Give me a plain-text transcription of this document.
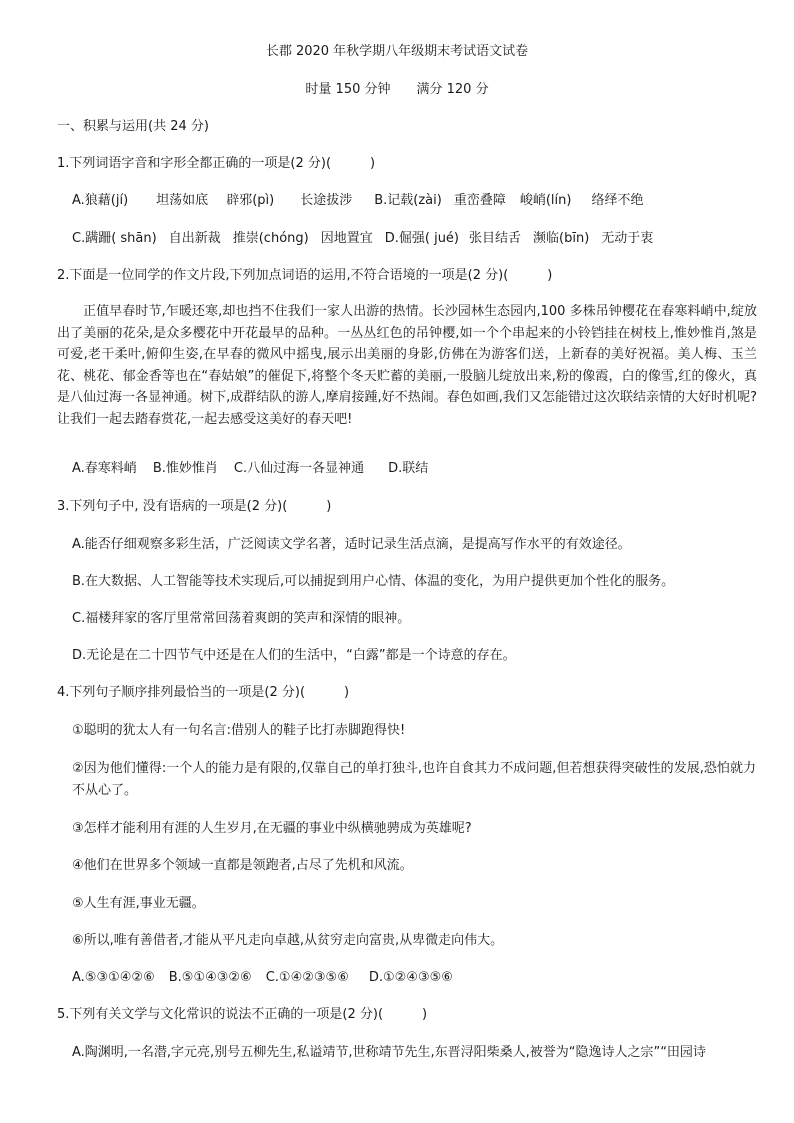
长郡 2020 年秋学期八年级期末考试语文试卷
时量 150 分钟 满分 120 分
一、积累与运用(共 24 分)
1.下列词语字音和字形全都正确的一项是(2 分)(　　　)
A.狼藉(jí) 坦荡如底 辟邪(pì) 长途拔涉 B.记载(zài) 重峦叠障 峻峭(lín) 络绎不绝
C.蹒跚( shān) 自出新裁 推崇(chóng) 因地置宜 D.倔强( jué) 张目结舌 濒临(bīn) 无动于衷
2.下面是一位同学的作文片段,下列加点词语的运用,不符合语境的一项是(2 分)(　　　)
正值早春时节,乍暖还寒,却也挡不住我们一家人出游的热情。长沙园林生态园内,100 多株吊钟樱花在春寒料峭中,绽放出了美丽的花朵,是众多樱花中开花最早的品种。一丛丛红色的吊钟樱,如一个个串起来的小铃铛挂在树枝上,惟妙惟肖,煞是可爱,老干柔叶,俯仰生姿,在早春的微风中摇曳,展示出美丽的身影,仿佛在为游客们送，上新春的美好祝福。美人梅、玉兰花、桃花、郁金香等也在“春姑娘”的催促下,将整个冬天贮蓄的美丽,一股脑儿绽放出来,粉的像霞，白的像雪,红的像火，真是八仙过海一各显神通。树下,成群结队的游人,摩肩接踵,好不热闹。春色如画,我们又怎能错过这次联结亲情的大好时机呢?让我们一起去踏春赏花,一起去感受这美好的春天吧!
A.春寒料峭 B.惟妙惟肖 C.八仙过海一各显神通 D.联结
3.下列句子中, 没有语病的一项是(2 分)(　　　)
A.能否仔细观察多彩生活，广泛阅读文学名著，适时记录生活点滴，是提高写作水平的有效途径。
B.在大数据、人工智能等技术实现后,可以捕捉到用户心情、体温的变化，为用户提供更加个性化的服务。
C.福楼拜家的客厅里常常回荡着爽朗的笑声和深情的眼神。
D.无论是在二十四节气中还是在人们的生活中，“白露”都是一个诗意的存在。
4.下列句子顺序排列最恰当的一项是(2 分)(　　　)
①聪明的犹太人有一句名言:借别人的鞋子比打赤脚跑得快!
②因为他们懂得:一个人的能力是有限的,仅靠自己的单打独斗,也许自食其力不成问题,但若想获得突破性的发展,恐怕就力不从心了。
③怎样才能利用有涯的人生岁月,在无疆的事业中纵横驰骋成为英雄呢?
④他们在世界多个领域一直都是领跑者,占尽了先机和风流。
⑤人生有涯,事业无疆。
⑥所以,唯有善借者,才能从平凡走向卓越,从贫穷走向富贵,从卑微走向伟大。
A.⑤③①④②⑥ B.⑤①④③②⑥ C.①④②③⑤⑥ D.①②④③⑤⑥
5.下列有关文学与文化常识的说法不正确的一项是(2 分)(　　　)
A.陶渊明,一名潜,字元亮,别号五柳先生,私谥靖节,世称靖节先生,东晋浔阳柴桑人,被誉为“隐逸诗人之宗”“田园诗
